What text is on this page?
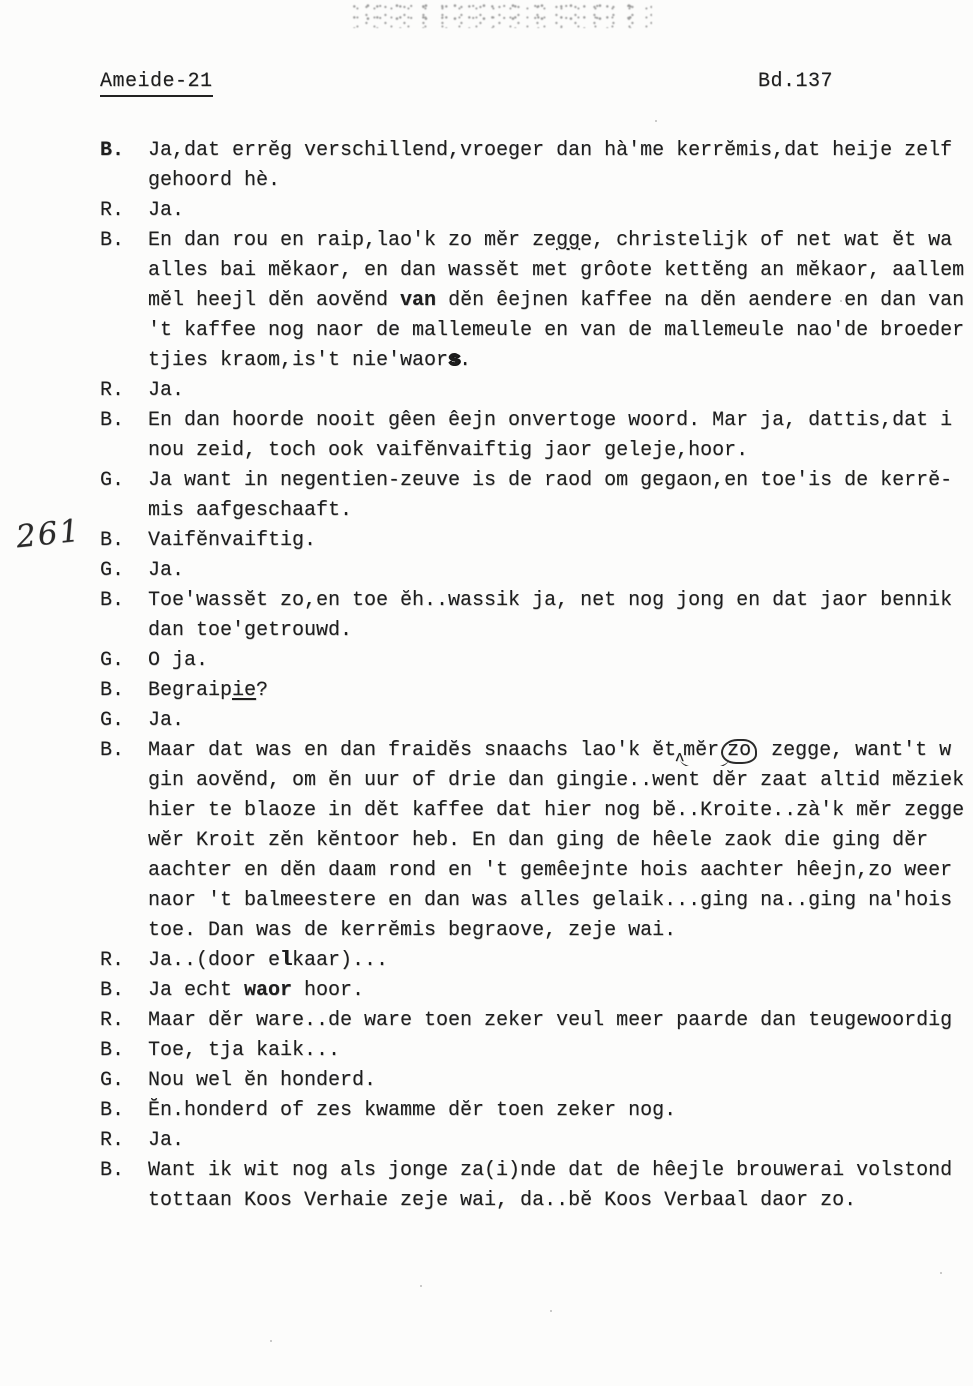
Ameide-21	Bd.137
261
B.	Ja,dat errĕg verschillend,vroeger dan hà'me kerrĕmis,dat heije zelf
gehoord hè.
R.	Ja.
B.	En dan rou en raip,lao'k zo mĕr zegge, christelijk of net wat ĕt wa
alles bai mĕkaor, en dan wassĕt met grôote kettĕng an mĕkaor, aallem
mĕl heejl dĕn aovĕnd van dĕn êejnen kaffee na dĕn aendere en dan van
't kaffee nog naor de mallemeule en van de mallemeule nao'de broeder
tjies kraom,is't nie'waors.
R.	Ja.
B.	En dan hoorde nooit gêen êejn onvertoge woord. Mar ja, dattis,dat i
nou zeid, toch ook vaifĕnvaiftig jaor geleje,hoor.
G.	Ja want in negentien-zeuve is de raod om gegaon,en toe'is de kerrĕ-
mis aafgeschaaft.
B.	Vaifĕnvaiftig.
G.	Ja.
B.	Toe'wassĕt zo,en toe ĕh..wassik ja, net nog jong en dat jaor bennik
dan toe'getrouwd.
G.	O ja.
B.	Begraipie?
G.	Ja.
B.	Maar dat was en dan fraidĕs snaachs lao'k ĕtʌmĕr zo zegge, want't w
gin aovĕnd, om ĕn uur of drie dan gingie..went dĕr zaat altid mĕziek
hier te blaoze in dĕt kaffee dat hier nog bĕ..Kroite..zà'k mĕr zegge
wĕr Kroit zĕn kĕntoor heb. En dan ging de hêele zaok die ging dĕr
aachter en dĕn daam rond en 't gemêejnte hois aachter hêejn,zo weer
naor 't balmeestere en dan was alles gelaik...ging na..ging na'hois
toe. Dan was de kerrĕmis begraove, zeje wai.
R.	Ja..(door elkaar)...
B.	Ja echt waor hoor.
R.	Maar dĕr ware..de ware toen zeker veul meer paarde dan teugewoordig
B.	Toe, tja kaik...
G.	Nou wel ĕn honderd.
B.	Ĕn.honderd of zes kwamme dĕr toen zeker nog.
R.	Ja.
B.	Want ik wit nog als jonge za(i)nde dat de hêejle brouwerai volstond
tottaan Koos Verhaie zeje wai, da..bĕ Koos Verbaal daor zo.
